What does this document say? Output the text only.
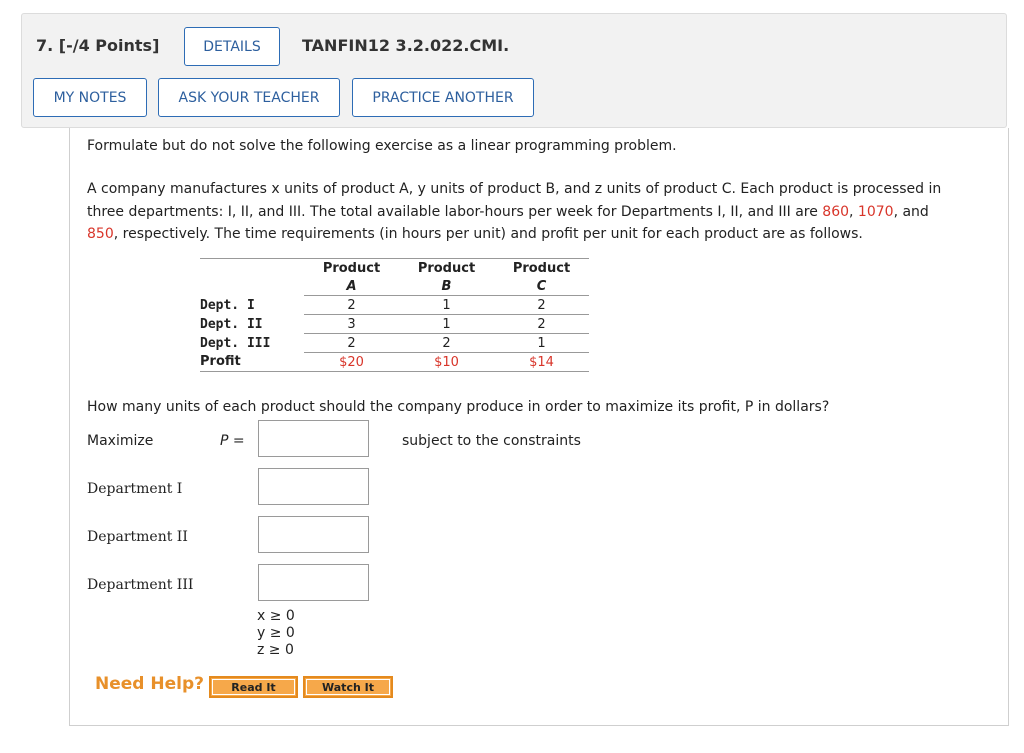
7. [-/4 Points]	DETAILS	TANFIN12 3.2.022.CMI.
MY NOTES	ASK YOUR TEACHER	PRACTICE ANOTHER
Formulate but do not solve the following exercise as a linear programming problem.
A company manufactures x units of product A, y units of product B, and z units of product C. Each product is processed in
three departments: I, II, and III. The total available labor-hours per week for Departments I, II, and III are 860, 1070, and
850, respectively. The time requirements (in hours per unit) and profit per unit for each product are as follows.
	Product	Product	Product
	A	B	C
Dept. I	2	1	2
Dept. II	3	1	2
Dept. III	2	2	1
Profit	$20	$10	$14
How many units of each product should the company produce in order to maximize its profit, P in dollars?
Maximize	P =	subject to the constraints
Department I
Department II
Department III
x ≥ 0
y ≥ 0
z ≥ 0
Need Help?	Read It	Watch It
